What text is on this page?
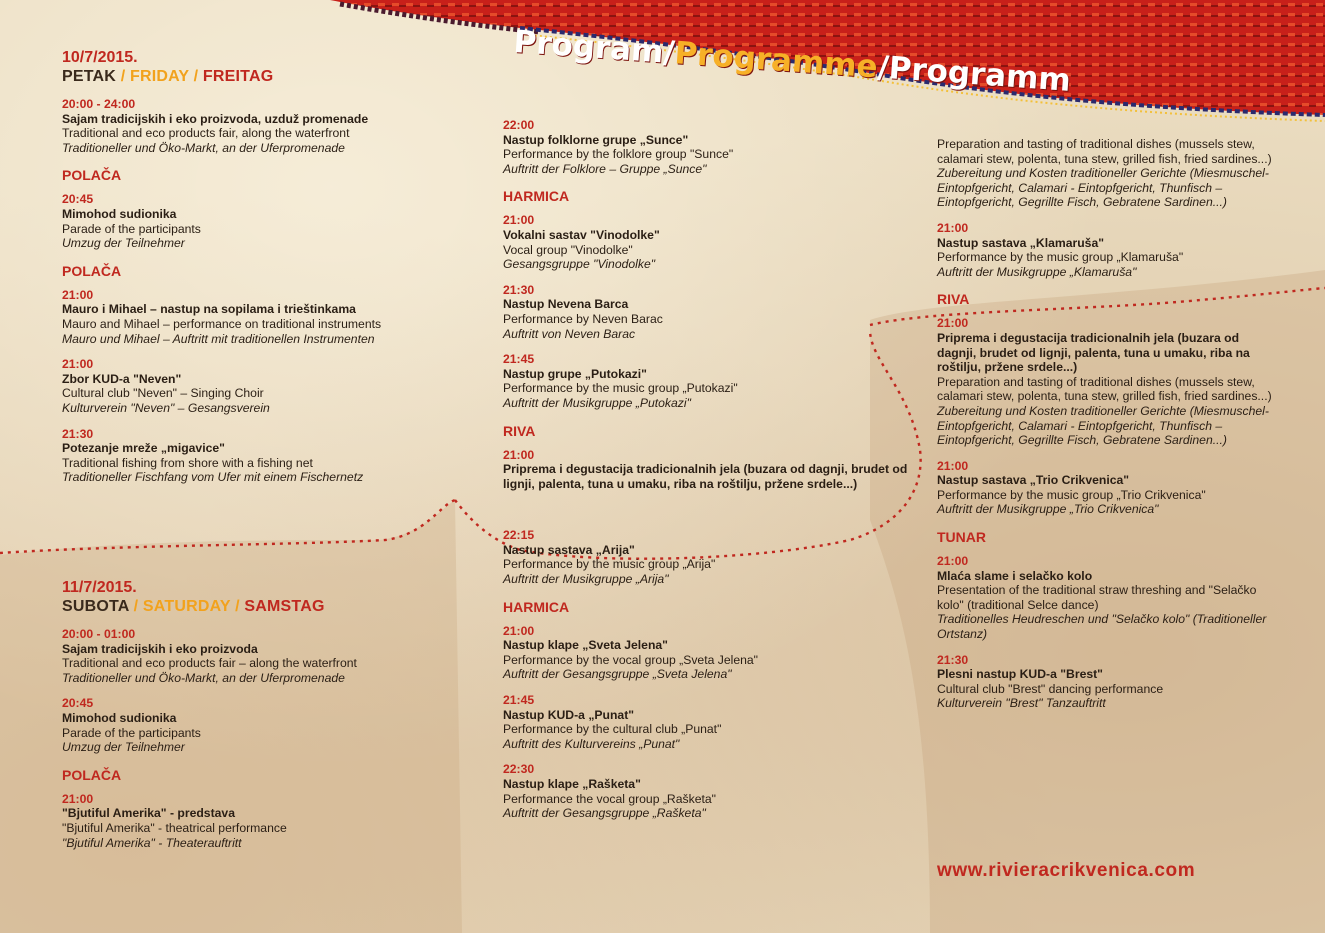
Program/Programme/Programm
10/7/2015.
PETAK / FRIDAY / FREITAG
20:00 - 24:00
Sajam tradicijskih i eko proizvoda, uzduž promenade
Traditional and eco products fair, along the waterfront
Traditioneller und Öko-Markt, an der Uferpromenade
POLAČA
20:45
Mimohod sudionika
Parade of the participants
Umzug der Teilnehmer
POLAČA
21:00
Mauro i Mihael – nastup na sopilama i trieštinkama
Mauro and Mihael – performance on traditional instruments
Mauro und Mihael – Auftritt mit traditionellen Instrumenten
21:00
Zbor KUD-a "Neven"
Cultural club "Neven" – Singing Choir
Kulturverein "Neven" – Gesangsverein
21:30
Potezanje mreže „migavice"
Traditional fishing from shore with a fishing net
Traditioneller Fischfang vom Ufer mit einem Fischernetz
11/7/2015.
SUBOTA / SATURDAY / SAMSTAG
20:00 - 01:00
Sajam tradicijskih i eko proizvoda
Traditional and eco products fair – along the waterfront
Traditioneller und Öko-Markt, an der Uferpromenade
20:45
Mimohod sudionika
Parade of the participants
Umzug der Teilnehmer
POLAČA
21:00
"Bjutiful Amerika" - predstava
"Bjutiful Amerika" - theatrical performance
"Bjutiful Amerika" - Theaterauftritt
22:00
Nastup folklorne grupe „Sunce"
Performance by the folklore group "Sunce"
Auftritt der Folklore – Gruppe „Sunce"
HARMICA
21:00
Vokalni sastav "Vinodolke"
Vocal group "Vinodolke"
Gesangsgruppe "Vinodolke"
21:30
Nastup Nevena Barca
Performance by Neven Barac
Auftritt von Neven Barac
21:45
Nastup grupe „Putokazi"
Performance by the music group „Putokazi"
Auftritt der Musikgruppe „Putokazi"
RIVA
21:00
Priprema i degustacija tradicionalnih jela (buzara od dagnji, brudet od lignji, palenta, tuna u umaku, riba na roštilju, pržene srdele...)
22:15
Nastup sastava „Arija"
Performance by the music group „Arija"
Auftritt der Musikgruppe „Arija"
HARMICA
21:00
Nastup klape „Sveta Jelena"
Performance by the vocal group „Sveta Jelena"
Auftritt der Gesangsgruppe „Sveta Jelena"
21:45
Nastup KUD-a „Punat"
Performance by the cultural club „Punat"
Auftritt des Kulturvereins „Punat"
22:30
Nastup klape „Rašketa"
Performance the vocal group „Rašketa"
Auftritt der Gesangsgruppe „Rašketa"
Preparation and tasting of traditional dishes (mussels stew, calamari stew, polenta, tuna stew, grilled fish, fried sardines...)
Zubereitung und Kosten traditioneller Gerichte (Miesmuschel-Eintopfgericht, Calamari - Eintopfgericht, Thunfisch – Eintopfgericht, Gegrillte Fisch, Gebratene Sardinen...)
21:00
Nastup sastava „Klamaruša"
Performance by the music group „Klamaruša"
Auftritt der Musikgruppe „Klamaruša"
RIVA
21:00
Priprema i degustacija tradicionalnih jela (buzara od dagnji, brudet od lignji, palenta, tuna u umaku, riba na roštilju, pržene srdele...)
Preparation and tasting of traditional dishes (mussels stew, calamari stew, polenta, tuna stew, grilled fish, fried sardines...)
Zubereitung und Kosten traditioneller Gerichte (Miesmuschel-Eintopfgericht, Calamari - Eintopfgericht, Thunfisch – Eintopfgericht, Gegrillte Fisch, Gebratene Sardinen...)
21:00
Nastup sastava „Trio Crikvenica"
Performance by the music group „Trio Crikvenica"
Auftritt der Musikgruppe „Trio Crikvenica"
TUNAR
21:00
Mlaća slame i selačko kolo
Presentation of the traditional straw threshing and "Selačko kolo" (traditional Selce dance)
Traditionelles Heudreschen und "Selačko kolo" (Traditioneller Ortstanz)
21:30
Plesni nastup KUD-a "Brest"
Cultural club "Brest" dancing performance
Kulturverein "Brest" Tanzauftritt
www.rivieracrikvenica.com
